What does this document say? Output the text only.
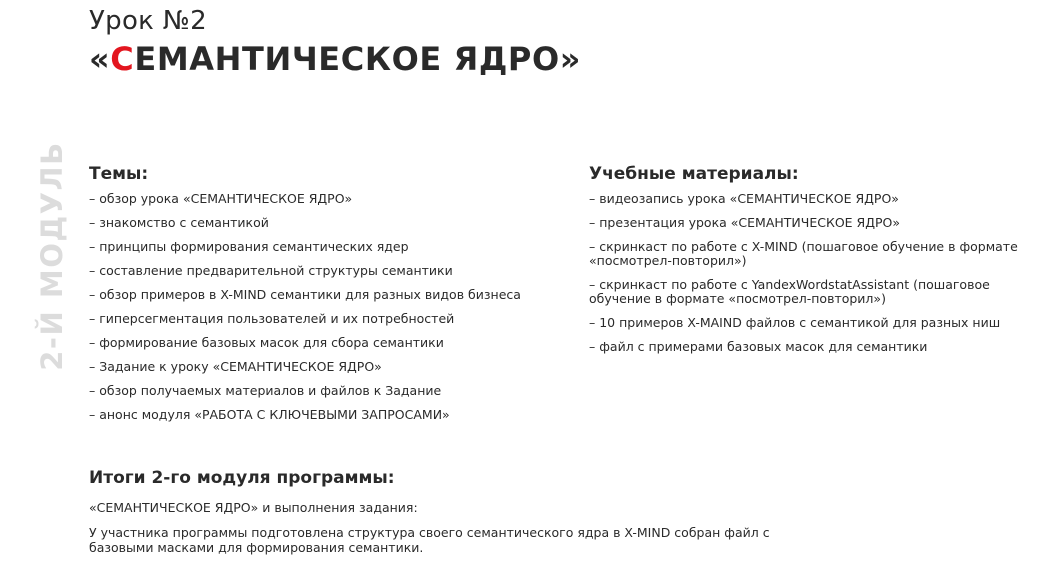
Урок №2
«СЕМАНТИЧЕСКОЕ ЯДРО»
2-Й МОДУЛЬ Темы:
– обзор урока «СЕМАНТИЧЕСКОЕ ЯДРО»
– знакомство с семантикой
– принципы формирования семантических ядер
– составление предварительной структуры семантики
– обзор примеров в X-MIND семантики для разных видов бизнеса
– гиперсегментация пользователей и их потребностей
– формирование базовых масок для сбора семантики
– Задание к уроку «СЕМАНТИЧЕСКОЕ ЯДРО»
– обзор получаемых материалов и файлов к Задание
– анонс модуля «РАБОТА С КЛЮЧЕВЫМИ ЗАПРОСАМИ»
Учебные материалы:
– видеозапись урока «СЕМАНТИЧЕСКОЕ ЯДРО»
– презентация урока «СЕМАНТИЧЕСКОЕ ЯДРО»
– скринкаст по работе с X-MIND (пошаговое обучение в формате «посмотрел-повторил»)
– скринкаст по работе с YandexWordstatAssistant (пошаговое обучение в формате «посмотрел-повторил»)
– 10 примеров X-MAIND файлов с семантикой для разных ниш
– файл с примерами базовых масок для семантики
Итоги 2-го модуля программы:

«СЕМАНТИЧЕСКОЕ ЯДРО» и выполнения задания:

У участника программы подготовлена структура своего семантического ядра в X-MIND собран файл с базовыми масками для формирования семантики.
